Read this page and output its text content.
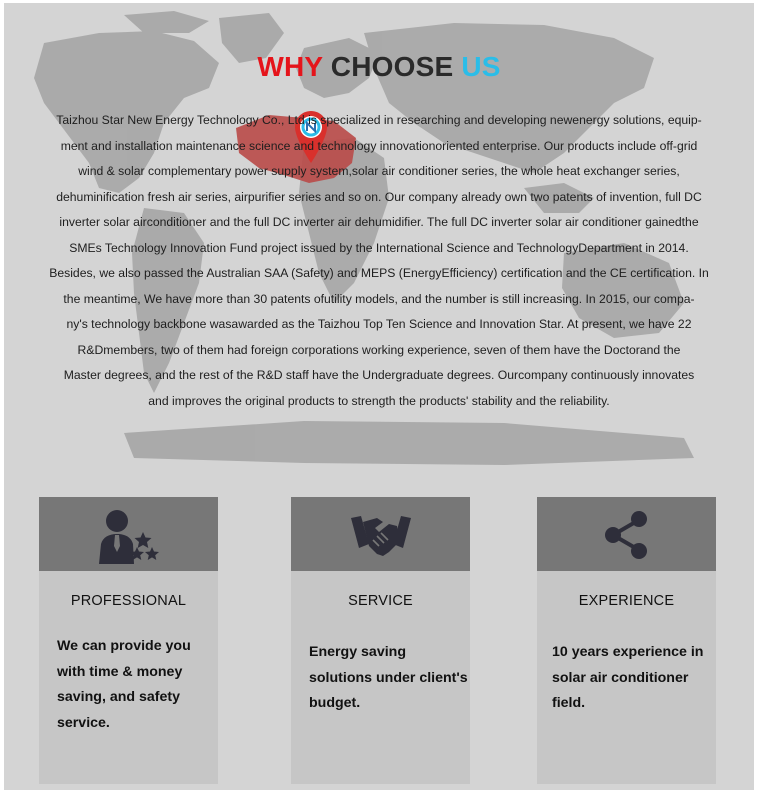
WHY CHOOSE US
Taizhou Star New Energy Technology Co., Ltd is specialized in researching and developing newenergy solutions, equip-
ment and installation maintenance science and technology innovationoriented enterprise. Our products include off-grid
wind & solar complementary power supply system,solar air conditioner series, the whole heat exchanger series,
dehuminification fresh air series, airpurifier series and so on. Our company already own two patents of invention, full DC
inverter solar airconditioner and the full DC inverter air dehumidifier. The full DC inverter solar air conditioner gainedthe
SMEs Technology Innovation Fund project issued by the International Science and TechnologyDepartment in 2014.
Besides, we also passed the Australian SAA (Safety) and MEPS (EnergyEfficiency) certification and the CE certification. In
the meantime, We have more than 30 patents ofutility models, and the number is still increasing. In 2015, our compa-
ny's technology backbone wasawarded as the Taizhou Top Ten Science and Innovation Star. At present, we have 22
R&Dmembers, two of them had foreign corporations working experience, seven of them have the Doctorand the
Master degrees, and the rest of the R&D staff have the Undergraduate degrees. Ourcompany continuously innovates
and improves the original products to strength the products' stability and the reliability.
PROFESSIONAL
We can provide you
with time & money
saving, and safety
service.
SERVICE
Energy saving
solutions under client's
budget.
EXPERIENCE
10 years experience in
solar air conditioner
field.
